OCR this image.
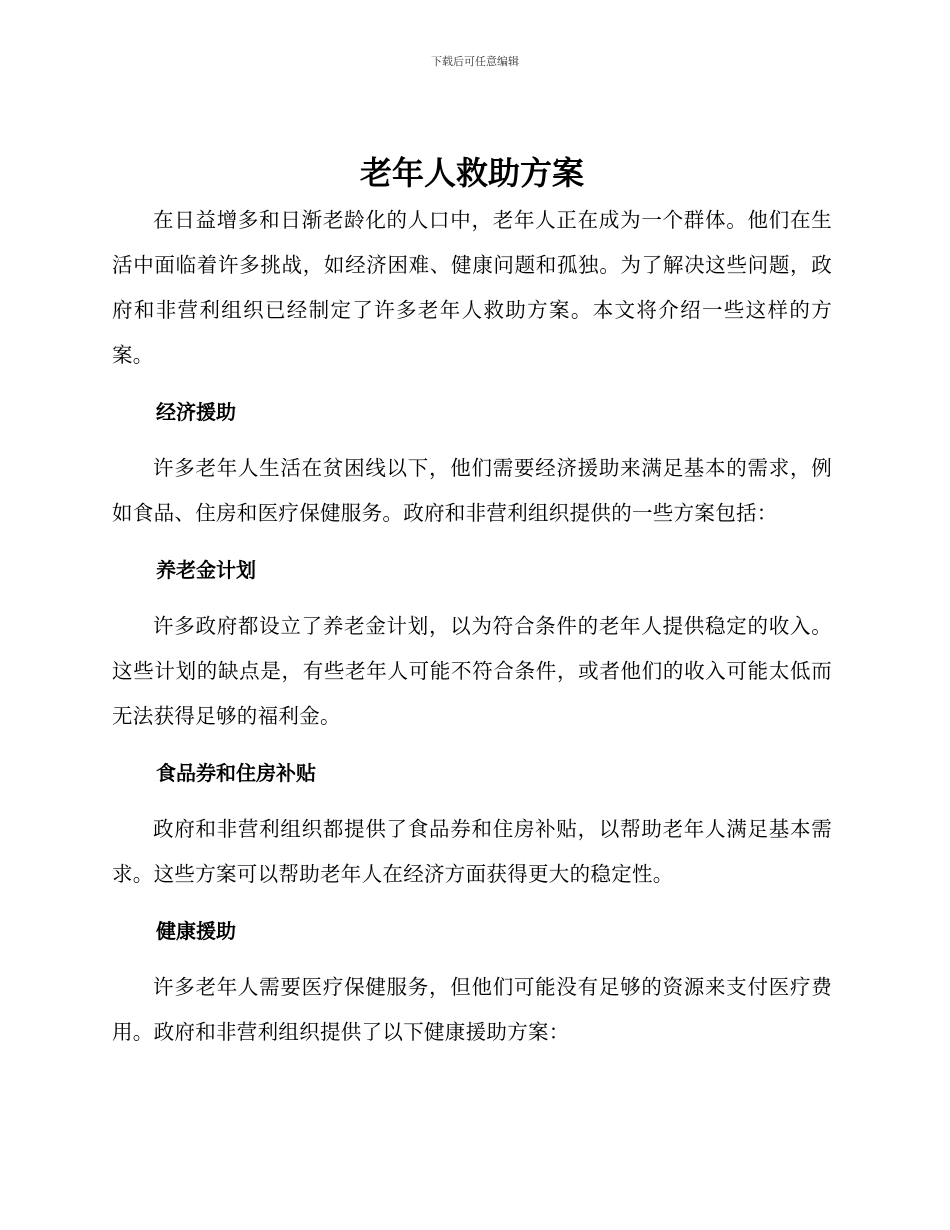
下载后可任意编辑
老年人救助方案

在日益增多和日渐老龄化的人口中，老年人正在成为一个群体。他们在生活中面临着许多挑战，如经济困难、健康问题和孤独。为了解决这些问题，政府和非营利组织已经制定了许多老年人救助方案。本文将介绍一些这样的方案。

经济援助

许多老年人生活在贫困线以下，他们需要经济援助来满足基本的需求，例如食品、住房和医疗保健服务。政府和非营利组织提供的一些方案包括：

养老金计划

许多政府都设立了养老金计划，以为符合条件的老年人提供稳定的收入。这些计划的缺点是，有些老年人可能不符合条件，或者他们的收入可能太低而无法获得足够的福利金。

食品券和住房补贴

政府和非营利组织都提供了食品券和住房补贴，以帮助老年人满足基本需求。这些方案可以帮助老年人在经济方面获得更大的稳定性。

健康援助

许多老年人需要医疗保健服务，但他们可能没有足够的资源来支付医疗费用。政府和非营利组织提供了以下健康援助方案：
